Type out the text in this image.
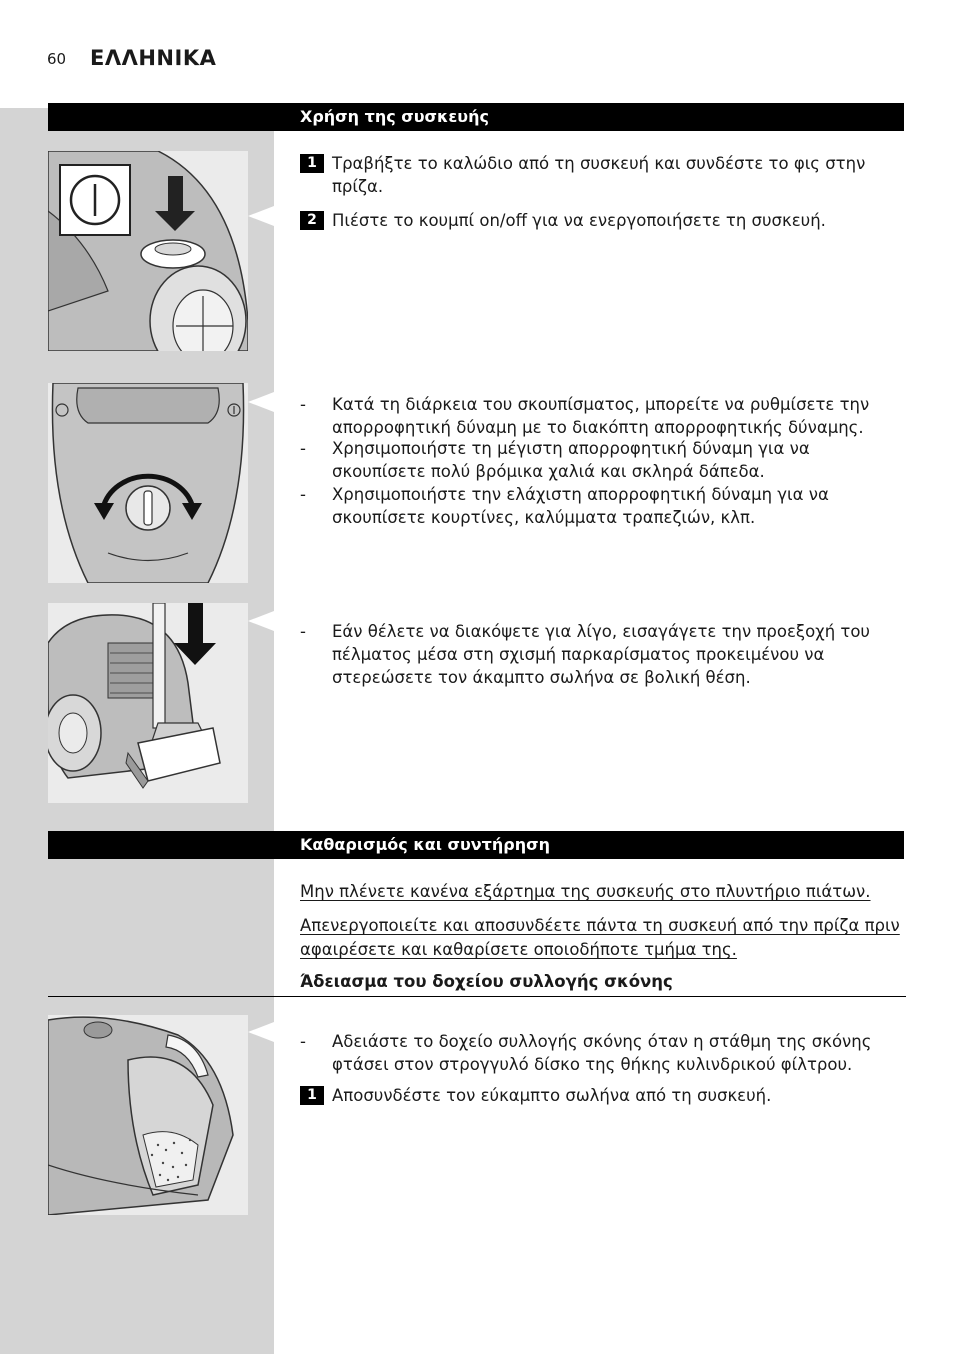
60 ΕΛΛΗΝΙΚΑ
Χρήση της συσκευής
1 Τραβήξτε το καλώδιο από τη συσκευή και συνδέστε το φις στην πρίζα.
2 Πιέστε το κουμπί on/off για να ενεργοποιήσετε τη συσκευή.
- Κατά τη διάρκεια του σκουπίσματος, μπορείτε να ρυθμίσετε την απορροφητική δύναμη με το διακόπτη απορροφητικής δύναμης.
- Χρησιμοποιήστε τη μέγιστη απορροφητική δύναμη για να σκουπίσετε πολύ βρόμικα χαλιά και σκληρά δάπεδα.
- Χρησιμοποιήστε την ελάχιστη απορροφητική δύναμη για να σκουπίσετε κουρτίνες, καλύμματα τραπεζιών, κλπ.
- Εάν θέλετε να διακόψετε για λίγο, εισαγάγετε την προεξοχή του πέλματος μέσα στη σχισμή παρκαρίσματος προκειμένου να στερεώσετε τον άκαμπτο σωλήνα σε βολική θέση.
Καθαρισμός και συντήρηση
Μην πλένετε κανένα εξάρτημα της συσκευής στο πλυντήριο πιάτων.
Απενεργοποιείτε και αποσυνδέετε πάντα τη συσκευή από την πρίζα πριν αφαιρέσετε και καθαρίσετε οποιοδήποτε τμήμα της.
Άδειασμα του δοχείου συλλογής σκόνης
- Αδειάστε το δοχείο συλλογής σκόνης όταν η στάθμη της σκόνης φτάσει στον στρογγυλό δίσκο της θήκης κυλινδρικού φίλτρου.
1 Αποσυνδέστε τον εύκαμπτο σωλήνα από τη συσκευή.
